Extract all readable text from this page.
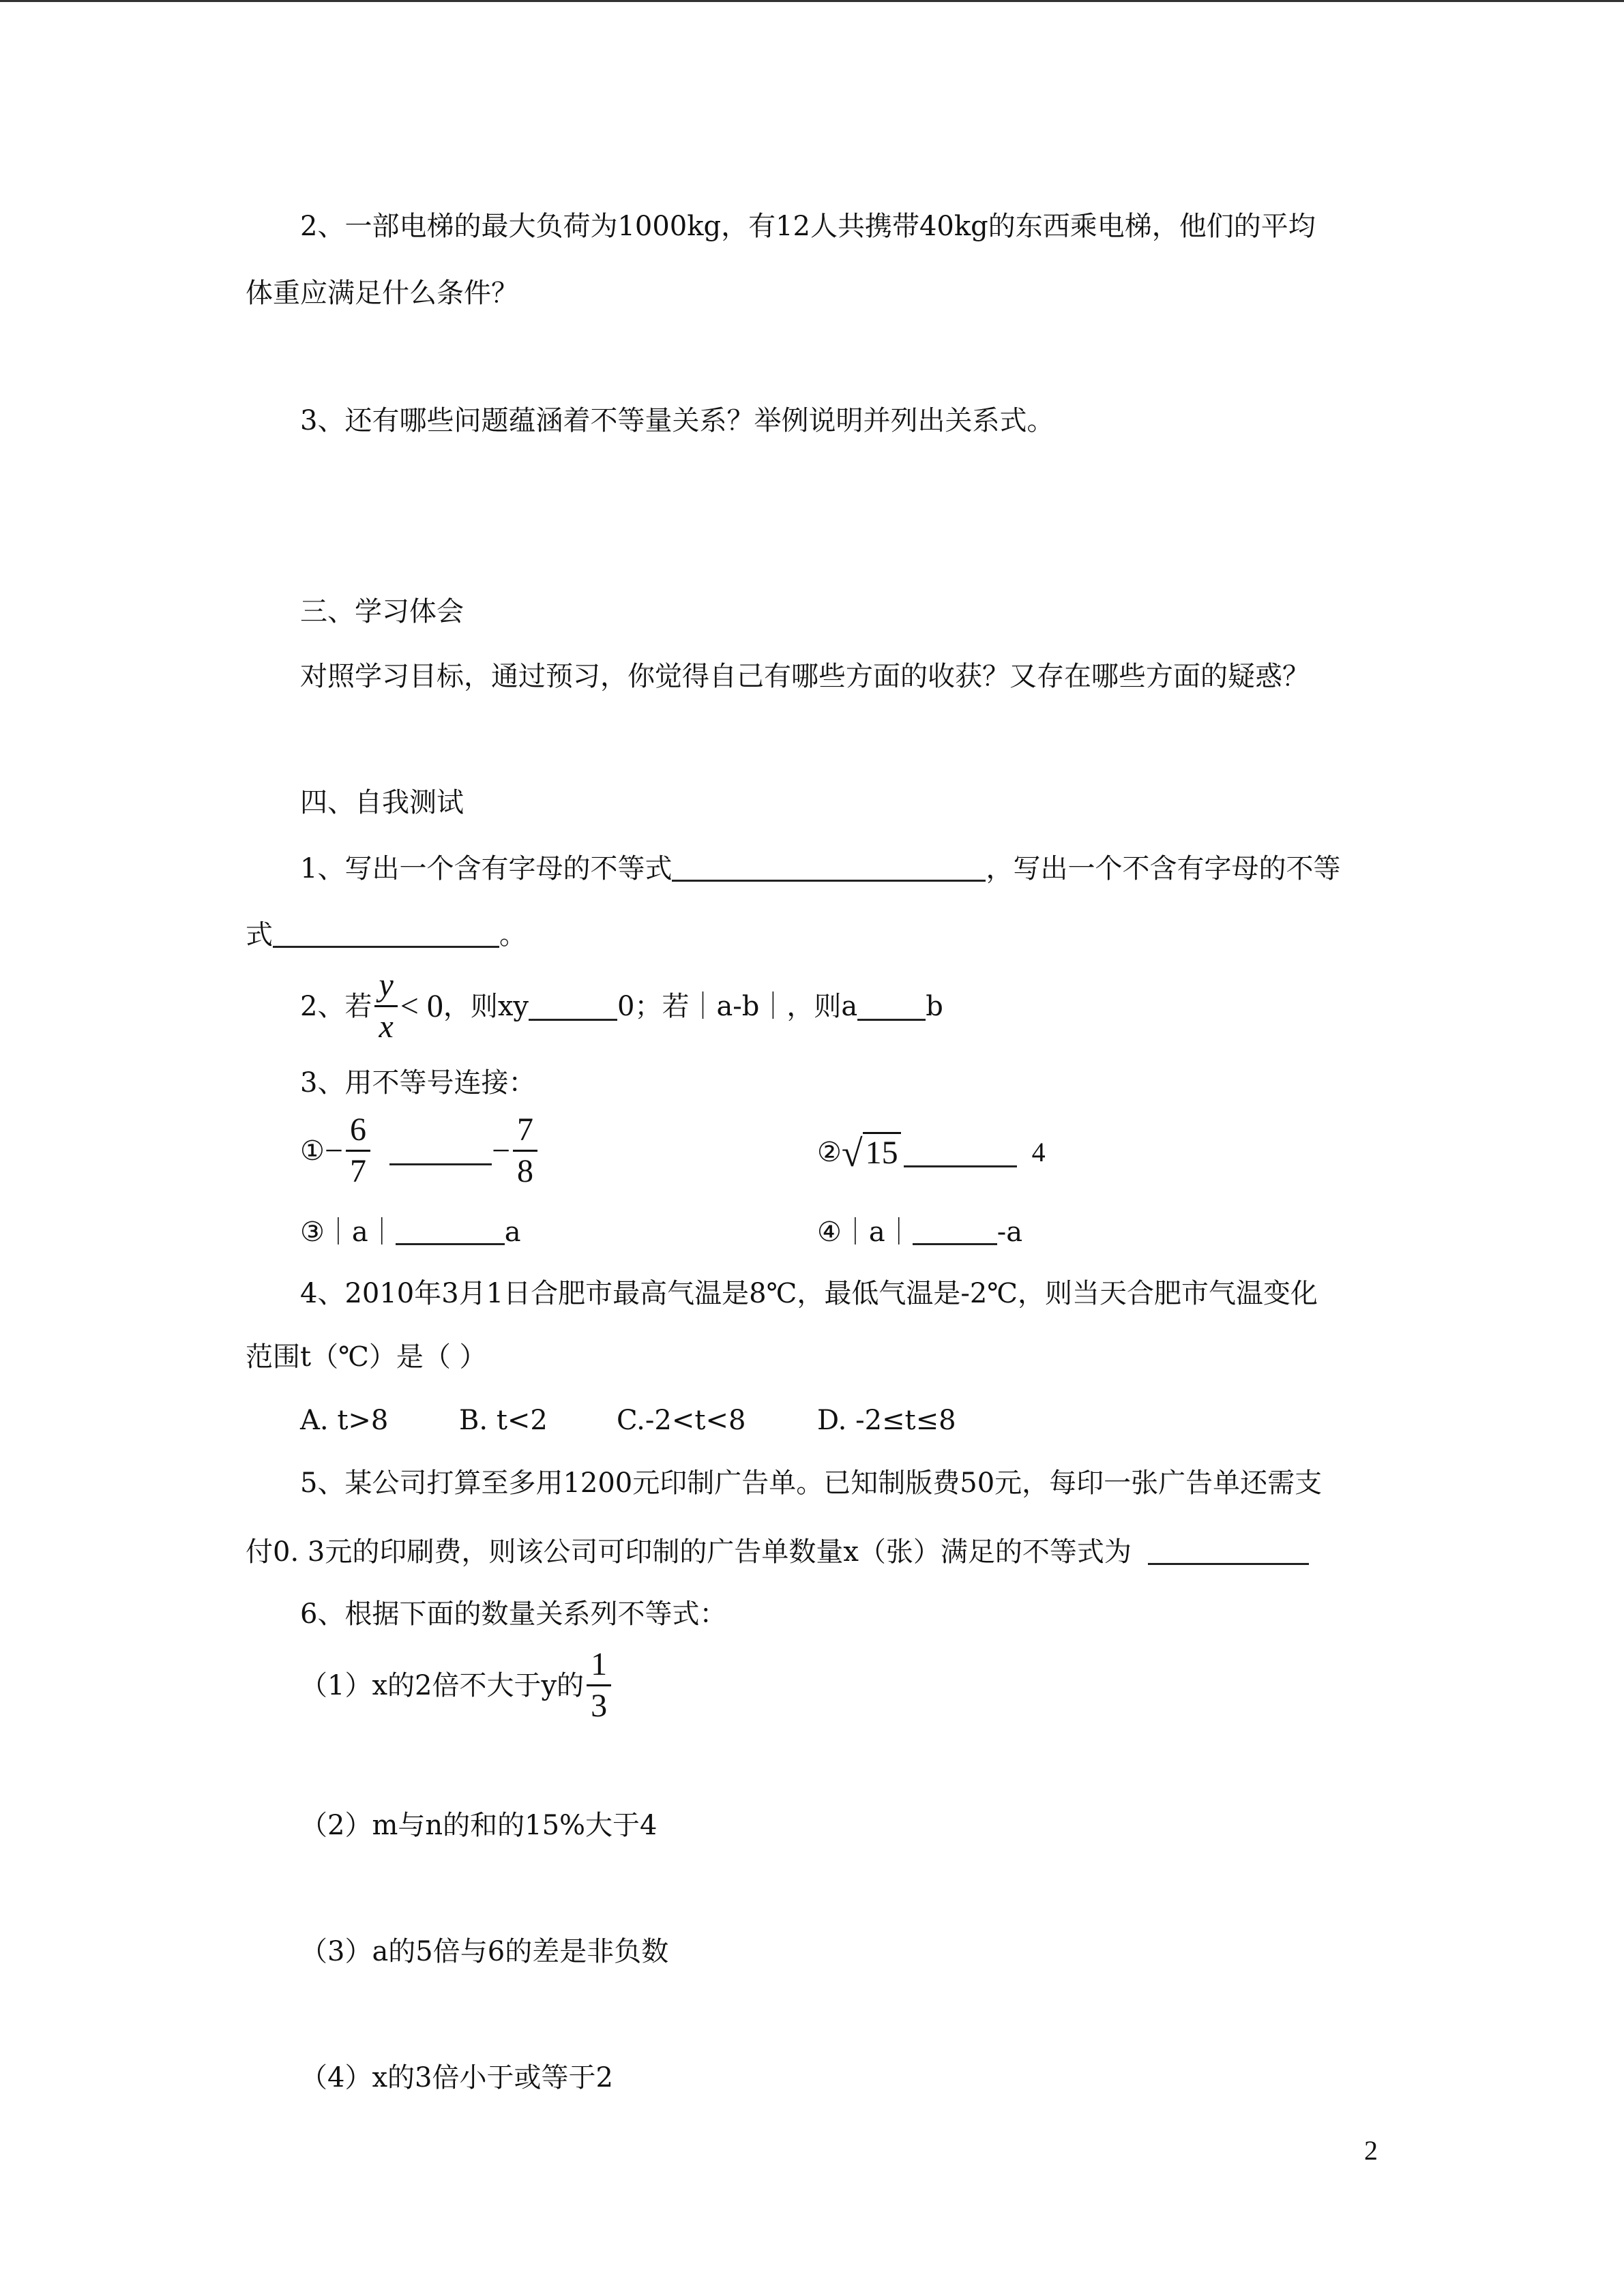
2、一部电梯的最大负荷为1000kg，有12人共携带40kg的东西乘电梯，他们的平均
体重应满足什么条件？
3、还有哪些问题蕴涵着不等量关系？举例说明并列出关系式。
三、学习体会
对照学习目标，通过预习，你觉得自己有哪些方面的收获？又存在哪些方面的疑惑？
四、自我测试
1、写出一个含有字母的不等式	，写出一个不含有字母的不等
式	。
2、若 $\frac{y}{x} < 0$，则xy	0；若｜a-b｜，则a	b
3、用不等号连接：
①− $\frac{6}{7}$	− $\frac{7}{8}$	②√15	4
③｜a｜	a	④｜a｜	-a
4、2010年3月1日合肥市最高气温是8℃，最低气温是-2℃，则当天合肥市气温变化
范围t（℃）是（ ）
A. t>8	B. t<2	C.-2<t<8	D. -2≤t≤8
5、某公司打算至多用1200元印制广告单。已知制版费50元，每印一张广告单还需支
付0. 3元的印刷费，则该公司可印制的广告单数量x（张）满足的不等式为
6、根据下面的数量关系列不等式：
（1）x的2倍不大于y的 $\frac{1}{3}$
（2）m与n的和的15%大于4
（3）a的5倍与6的差是非负数
（4）x的3倍小于或等于2
2
